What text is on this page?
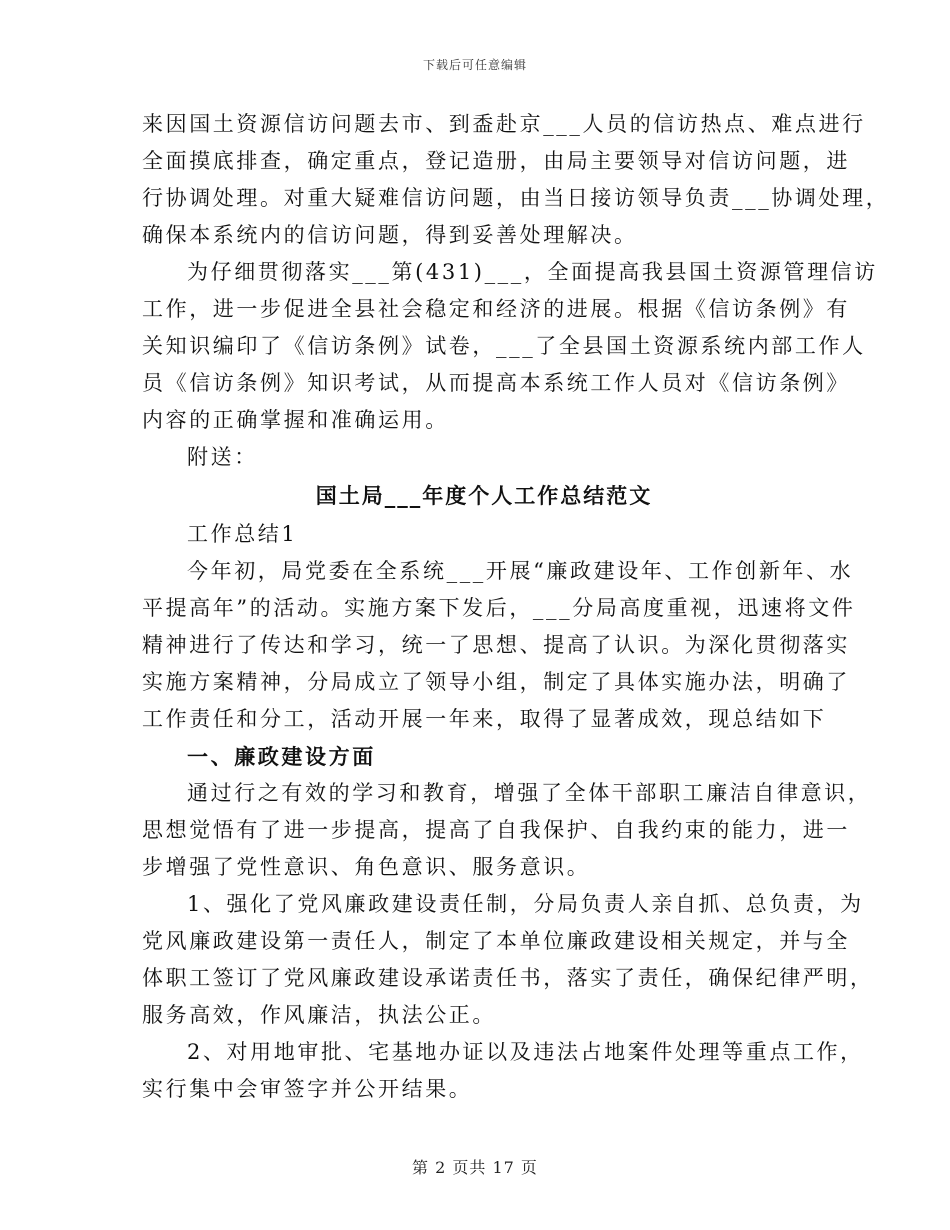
下载后可任意编辑
来因国土资源信访问题去市、到盉赴京___人员的信访热点、难点进行
全面摸底排查，确定重点，登记造册，由局主要领导对信访问题，进
行协调处理。对重大疑难信访问题，由当日接访领导负责___协调处理，
确保本系统内的信访问题，得到妥善处理解决。
为仔细贯彻落实___第(431)___，全面提高我县国土资源管理信访
工作，进一步促进全县社会稳定和经济的进展。根据《信访条例》有
关知识编印了《信访条例》试卷，___了全县国土资源系统内部工作人
员《信访条例》知识考试，从而提高本系统工作人员对《信访条例》
内容的正确掌握和准确运用。
附送：
国土局___年度个人工作总结范文
工作总结1
今年初，局党委在全系统___开展“廉政建设年、工作创新年、水
平提高年”的活动。实施方案下发后，___分局高度重视，迅速将文件
精神进行了传达和学习，统一了思想、提高了认识。为深化贯彻落实
实施方案精神，分局成立了领导小组，制定了具体实施办法，明确了
工作责任和分工，活动开展一年来，取得了显著成效，现总结如下
一、廉政建设方面
通过行之有效的学习和教育，增强了全体干部职工廉洁自律意识，
思想觉悟有了进一步提高，提高了自我保护、自我约束的能力，进一
步增强了党性意识、角色意识、服务意识。
1、强化了党风廉政建设责任制，分局负责人亲自抓、总负责，为
党风廉政建设第一责任人，制定了本单位廉政建设相关规定，并与全
体职工签订了党风廉政建设承诺责任书，落实了责任，确保纪律严明，
服务高效，作风廉洁，执法公正。
2、对用地审批、宅基地办证以及违法占地案件处理等重点工作，
实行集中会审签字并公开结果。
第 2 页共 17 页
